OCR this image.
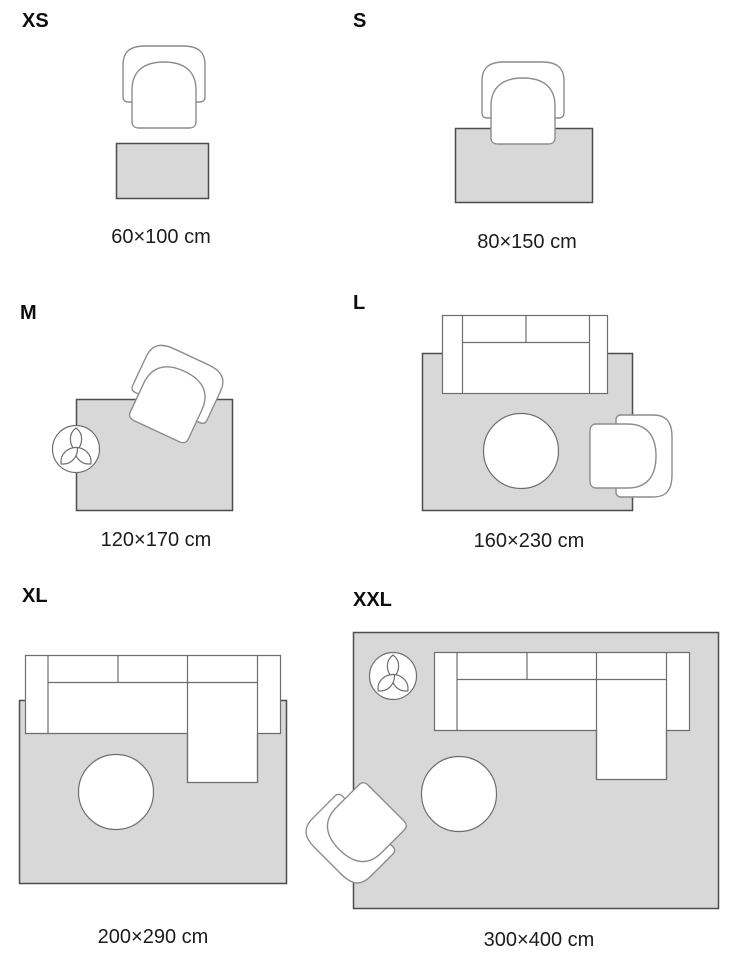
XS	S
M	L
XL	XXL
60×100 cm	80×150 cm
120×170 cm	160×230 cm
200×290 cm	300×400 cm
